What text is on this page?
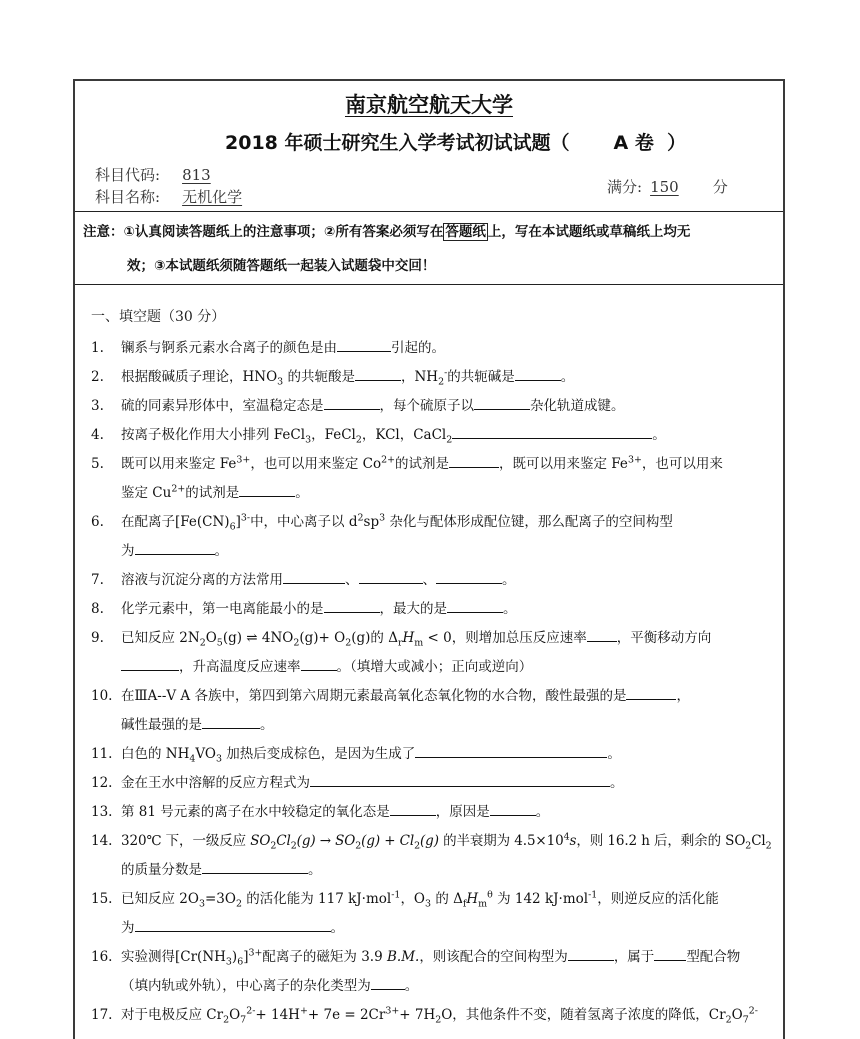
南京航空航天大学
2018 年硕士研究生入学考试初试试题（ A 卷 ）
科目代码: 813
科目名称: 无机化学
满分: 150 分
注意：①认真阅读答题纸上的注意事项；②所有答案必须写在 答题纸 上，写在本试题纸或草稿纸上均无
效；③本试题纸须随答题纸一起装入试题袋中交回！
一、填空题（30 分）
1.	镧系与锕系元素水合离子的颜色是由	引起的。
2.	根据酸碱质子理论，$HNO_3$ 的共轭酸是	，$NH_2^-$的共轭碱是	。
3.	硫的同素异形体中，室温稳定态是	，每个硫原子以	杂化轨道成键。
4.	按离子极化作用大小排列 FeCl$_3$，FeCl$_2$，KCl，CaCl$_2$	。
5.	既可以用来鉴定 $Fe^{3+}$，也可以用来鉴定 $Co^{2+}$的试剂是	，既可以用来鉴定 $Fe^{3+}$，也可以用来
鉴定 $Cu^{2+}$的试剂是	。
6.	在配离子$[Fe(CN)_6]^{3-}$中，中心离子以 $d^2sp^3$ 杂化与配体形成配位键，那么配离子的空间构型
为	。
7.	溶液与沉淀分离的方法常用	、	、	。
8.	化学元素中，第一电离能最小的是	，最大的是	。
9.	已知反应 $2N_2O_5(g)$ ⇌ $4NO_2(g)+ O_2(g)$的 $\Delta_rH_m < 0$，则增加总压反应速率 ，平衡移动方向
，升高温度反应速率	。（填增大或减小；正向或逆向）
10. 在ⅢA--Ⅴ A 各族中，第四到第六周期元素最高氧化态氧化物的水合物，酸性最强的是	，
碱性最强的是	。
11. 白色的 $NH_4VO_3$ 加热后变成棕色，是因为生成了	。
12. 金在王水中溶解的反应方程式为	。
13. 第 81 号元素的离子在水中较稳定的氧化态是	，原因是	。
14. 320℃ 下，一级反应 $SO_2Cl_2(g) \to SO_2(g) + Cl_2(g)$ 的半衰期为 $4.5\times 10^4s$，则 16.2 h 后，剩余的 $SO_2Cl_2$
的质量分数是	。
15. 已知反应 $2O_3=3O_2$ 的活化能为 117 kJ·mol$^{-1}$，$O_3$ 的 $\Delta_fH_m^\theta$ 为 142 kJ·mol$^{-1}$，则逆反应的活化能
为	。
16. 实验测得$[Cr(NH_3)_6]^{3+}$配离子的磁矩为 3.9 B.M.，则该配合的空间构型为	，属于 型配合物
（填内轨或外轨），中心离子的杂化类型为	。
17. 对于电极反应 $Cr_2O_7^{2-}+ 14H^++ 7e = 2Cr^{3+}+ 7H_2O$，其他条件不变，随着氢离子浓度的降低，$Cr_2O_7^{2-}$
